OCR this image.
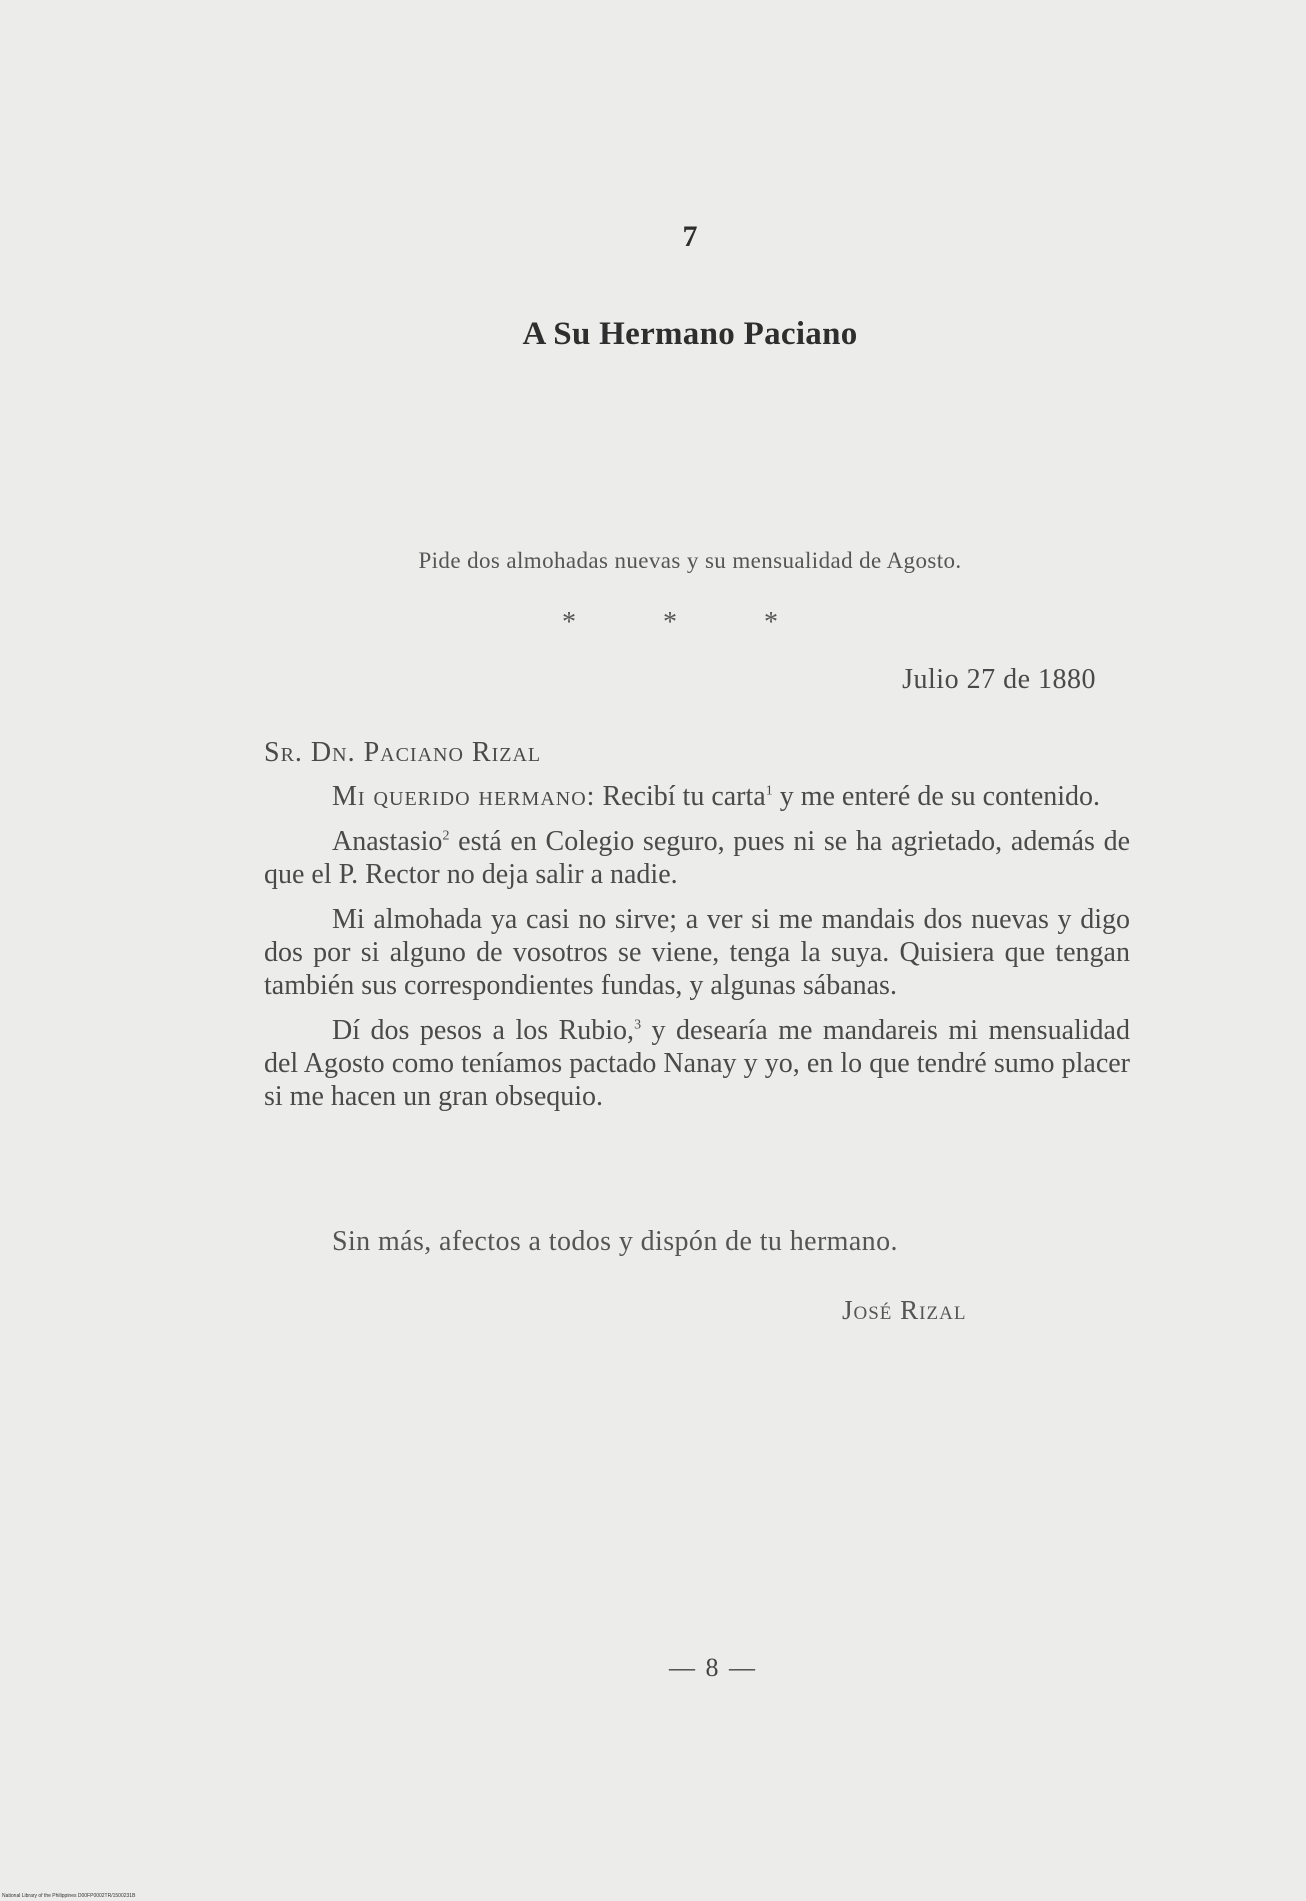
7
A Su Hermano Paciano
Pide dos almohadas nuevas y su mensualidad de Agosto.
* * *
Julio 27 de 1880
Sr. Dn. Paciano Rizal

Mi querido hermano: Recibí tu carta$^1$ y me enteré de su contenido.

Anastasio$^2$ está en Colegio seguro, pues ni se ha agrietado, además de que el P. Rector no deja salir a nadie.

Mi almohada ya casi no sirve; a ver si me mandais dos nuevas y digo dos por si alguno de vosotros se viene, tenga la suya. Quisiera que tengan también sus correspondientes fundas, y algunas sábanas.

Dí dos pesos a los Rubio,$^3$ y desearía me mandareis mi mensualidad del Agosto como teníamos pactado Nanay y yo, en lo que tendré sumo placer si me hacen un gran obsequio.

Sin más, afectos a todos y dispón de tu hermano.
José Rizal
— 8 —
National Library of the Philippines D00FP0002TR/1500231B
